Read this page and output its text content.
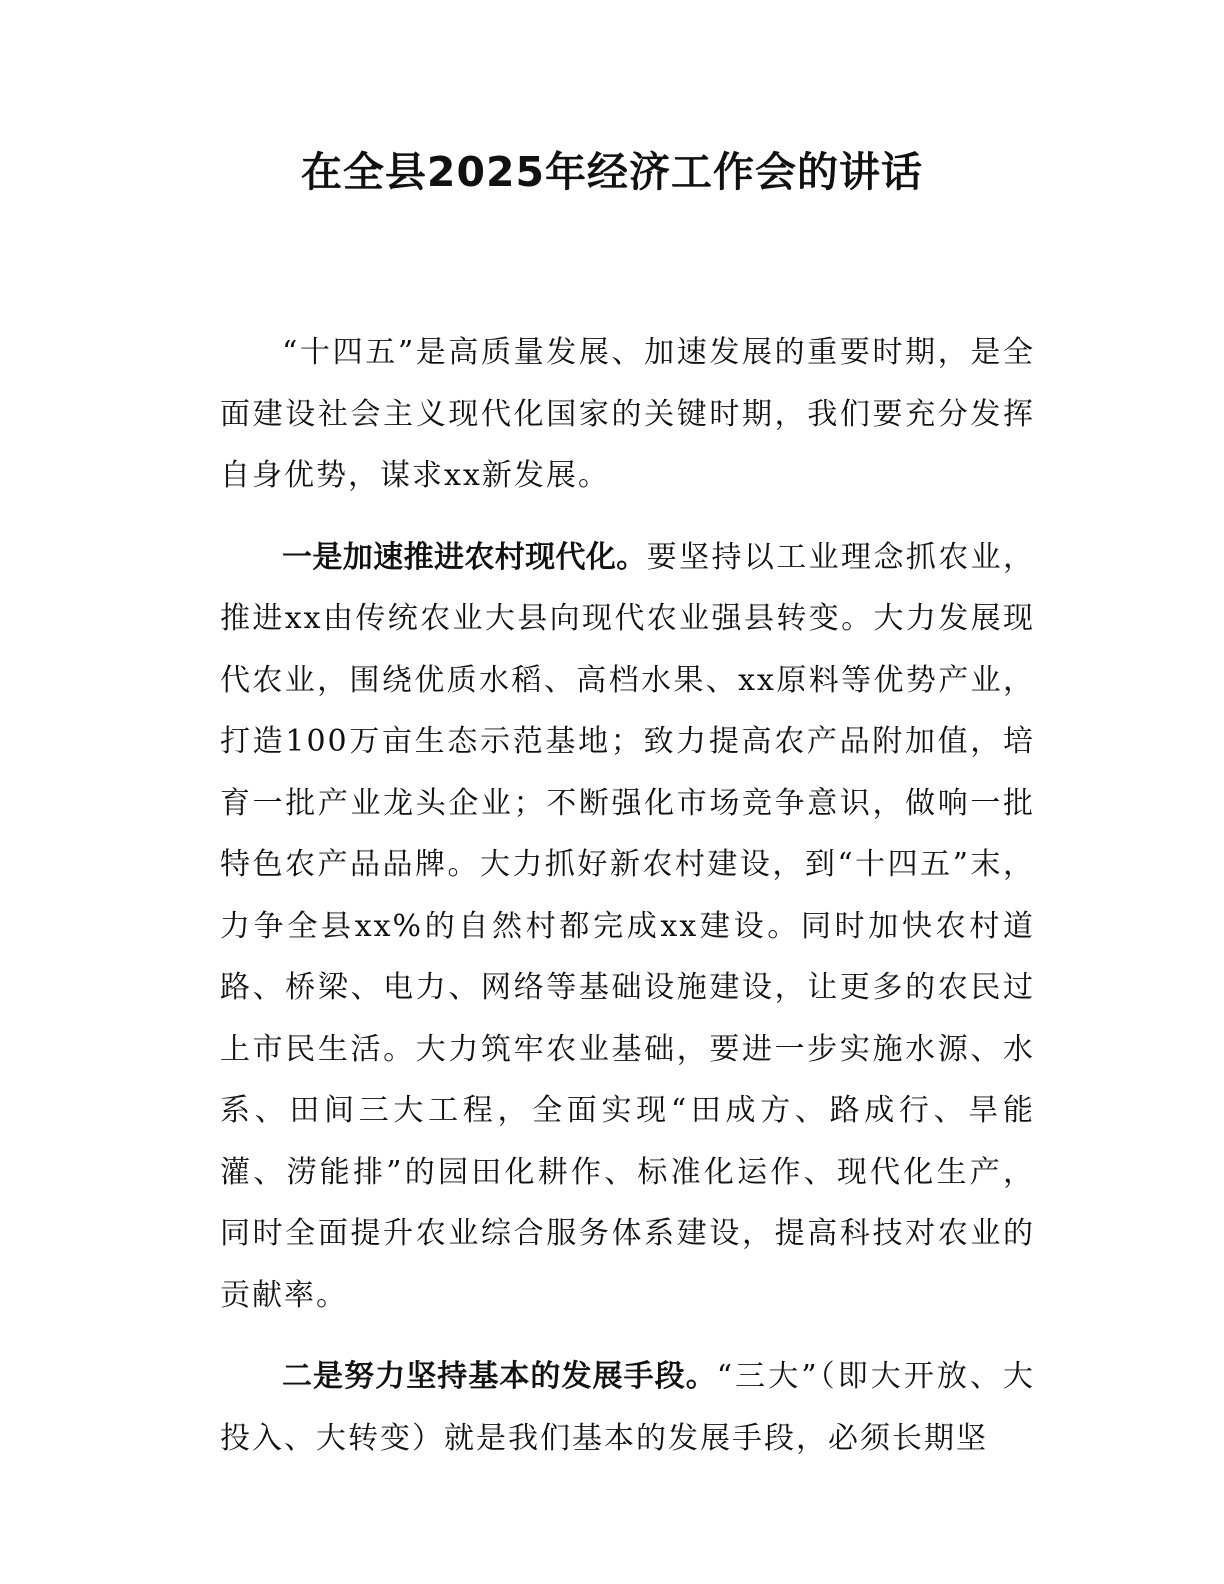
在全县2025年经济工作会的讲话

“十四五”是高质量发展、加速发展的重要时期，是全面建设社会主义现代化国家的关键时期，我们要充分发挥自身优势，谋求xx新发展。

一是加速推进农村现代化。要坚持以工业理念抓农业，推进xx由传统农业大县向现代农业强县转变。大力发展现代农业，围绕优质水稻、高档水果、xx原料等优势产业，打造100万亩生态示范基地；致力提高农产品附加值，培育一批产业龙头企业；不断强化市场竞争意识，做响一批特色农产品品牌。大力抓好新农村建设，到“十四五”末，力争全县xx%的自然村都完成xx建设。同时加快农村道路、桥梁、电力、网络等基础设施建设，让更多的农民过上市民生活。大力筑牢农业基础，要进一步实施水源、水系、田间三大工程，全面实现“田成方、路成行、旱能灌、涝能排”的园田化耕作、标准化运作、现代化生产，同时全面提升农业综合服务体系建设，提高科技对农业的贡献率。

二是努力坚持基本的发展手段。“三大”（即大开放、大投入、大转变）就是我们基本的发展手段，必须长期坚
